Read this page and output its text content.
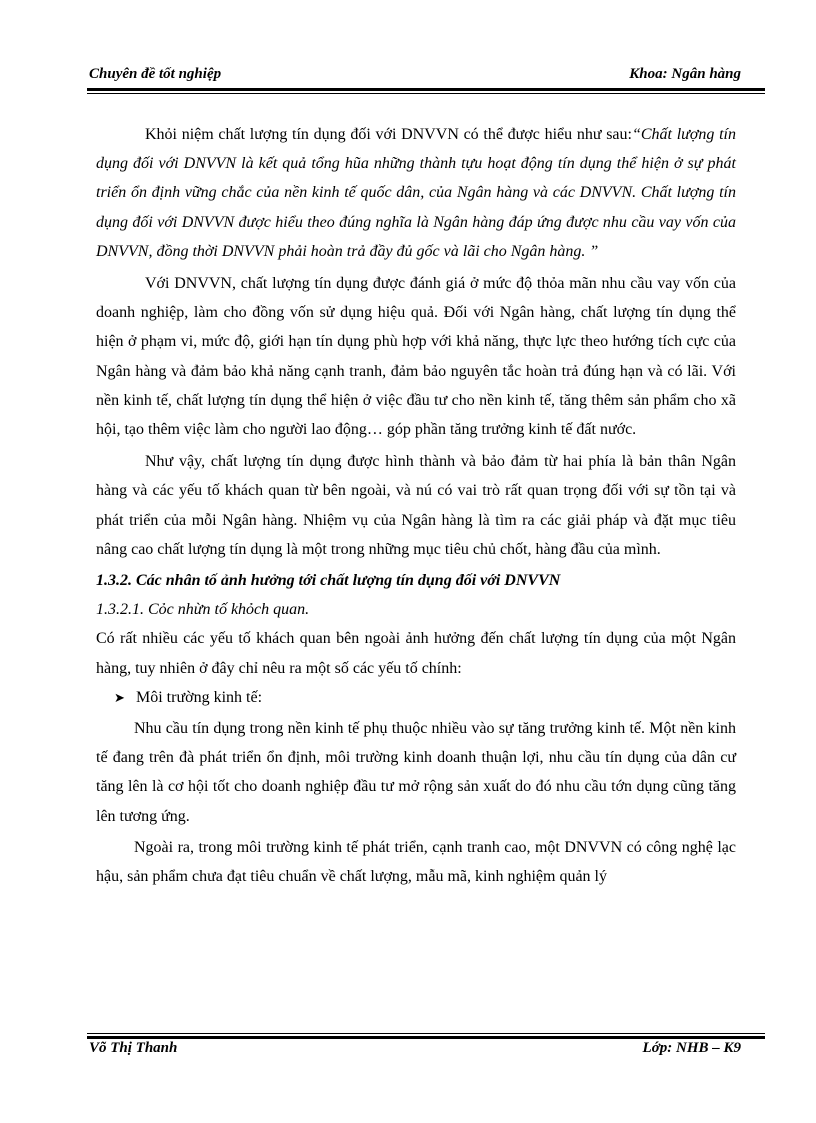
Chuyên đề tốt nghiệp	Khoa: Ngân hàng

Khỏi niệm chất lượng tín dụng đối với DNVVN có thể được hiểu như sau:“Chất lượng tín dụng đối với DNVVN là kết quả tổng hũa những thành tựu hoạt động tín dụng thể hiện ở sự phát triển ổn định vững chắc của nền kinh tế quốc dân, của Ngân hàng và các DNVVN. Chất lượng tín dụng đối với DNVVN được hiểu theo đúng nghĩa là Ngân hàng đáp ứng được nhu cầu vay vốn của DNVVN, đồng thời DNVVN phải hoàn trả đầy đủ gốc và lãi cho Ngân hàng. ”

Với DNVVN, chất lượng tín dụng được đánh giá ở mức độ thỏa mãn nhu cầu vay vốn của doanh nghiệp, làm cho đồng vốn sử dụng hiệu quả. Đối với Ngân hàng, chất lượng tín dụng thể hiện ở phạm vi, mức độ, giới hạn tín dụng phù hợp với khả năng, thực lực theo hướng tích cực của Ngân hàng và đảm bảo khả năng cạnh tranh, đảm bảo nguyên tắc hoàn trả đúng hạn và có lãi. Với nền kinh tế, chất lượng tín dụng thể hiện ở việc đầu tư cho nền kinh tế, tăng thêm sản phẩm cho xã hội, tạo thêm việc làm cho người lao động… góp phần tăng trưởng kinh tế đất nước.

Như vậy, chất lượng tín dụng được hình thành và bảo đảm từ hai phía là bản thân Ngân hàng và các yếu tố khách quan từ bên ngoài, và nú có vai trò rất quan trọng đối với sự tồn tại và phát triển của mỗi Ngân hàng. Nhiệm vụ của Ngân hàng là tìm ra các giải pháp và đặt mục tiêu nâng cao chất lượng tín dụng là một trong những mục tiêu chủ chốt, hàng đầu của mình.

1.3.2. Các nhân tố ảnh hưởng tới chất lượng tín dụng đối với DNVVN

1.3.2.1. Cỏc nhừn tố khỏch quan.

Có rất nhiều các yếu tố khách quan bên ngoài ảnh hưởng đến chất lượng tín dụng của một Ngân hàng, tuy nhiên ở đây chỉ nêu ra một số các yếu tố chính:

➤ Môi trường kinh tế:

Nhu cầu tín dụng trong nền kinh tế phụ thuộc nhiều vào sự tăng trưởng kinh tế. Một nền kinh tế đang trên đà phát triển ổn định, môi trường kinh doanh thuận lợi, nhu cầu tín dụng của dân cư tăng lên là cơ hội tốt cho doanh nghiệp đầu tư mở rộng sản xuất do đó nhu cầu tớn dụng cũng tăng lên tương ứng.

Ngoài ra, trong môi trường kinh tế phát triển, cạnh tranh cao, một DNVVN có công nghệ lạc hậu, sản phẩm chưa đạt tiêu chuẩn về chất lượng, mẫu mã, kinh nghiệm quản lý

Võ Thị Thanh	Lớp: NHB – K9
